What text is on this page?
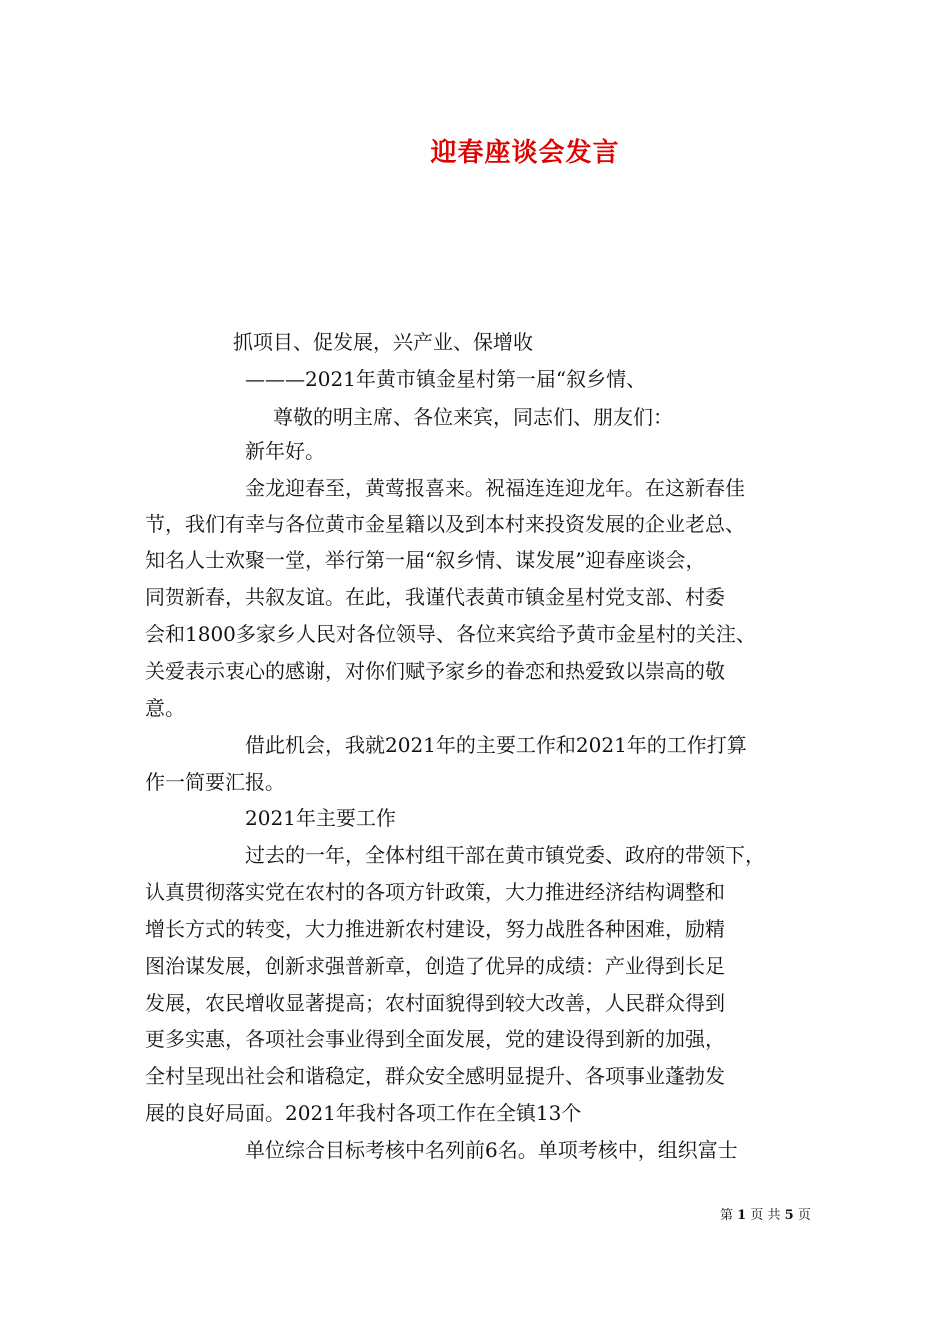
迎春座谈会发言
抓项目、促发展，兴产业、保增收
———2021年黄市镇金星村第一届“叙乡情、
尊敬的明主席、各位来宾，同志们、朋友们：
新年好。
金龙迎春至，黄莺报喜来。祝福连连迎龙年。在这新春佳
节，我们有幸与各位黄市金星籍以及到本村来投资发展的企业老总、
知名人士欢聚一堂，举行第一届“叙乡情、谋发展”迎春座谈会，
同贺新春，共叙友谊。在此，我谨代表黄市镇金星村党支部、村委
会和1800多家乡人民对各位领导、各位来宾给予黄市金星村的关注、
关爱表示衷心的感谢，对你们赋予家乡的眷恋和热爱致以崇高的敬
意。
借此机会，我就2021年的主要工作和2021年的工作打算
作一简要汇报。
2021年主要工作
过去的一年，全体村组干部在黄市镇党委、政府的带领下，
认真贯彻落实党在农村的各项方针政策，大力推进经济结构调整和
增长方式的转变，大力推进新农村建设，努力战胜各种困难，励精
图治谋发展，创新求强普新章，创造了优异的成绩：产业得到长足
发展，农民增收显著提高；农村面貌得到较大改善，人民群众得到
更多实惠，各项社会事业得到全面发展，党的建设得到新的加强，
全村呈现出社会和谐稳定，群众安全感明显提升、各项事业蓬勃发
展的良好局面。2021年我村各项工作在全镇13个
单位综合目标考核中名列前6名。单项考核中，组织富士
第 1 页 共 5 页
